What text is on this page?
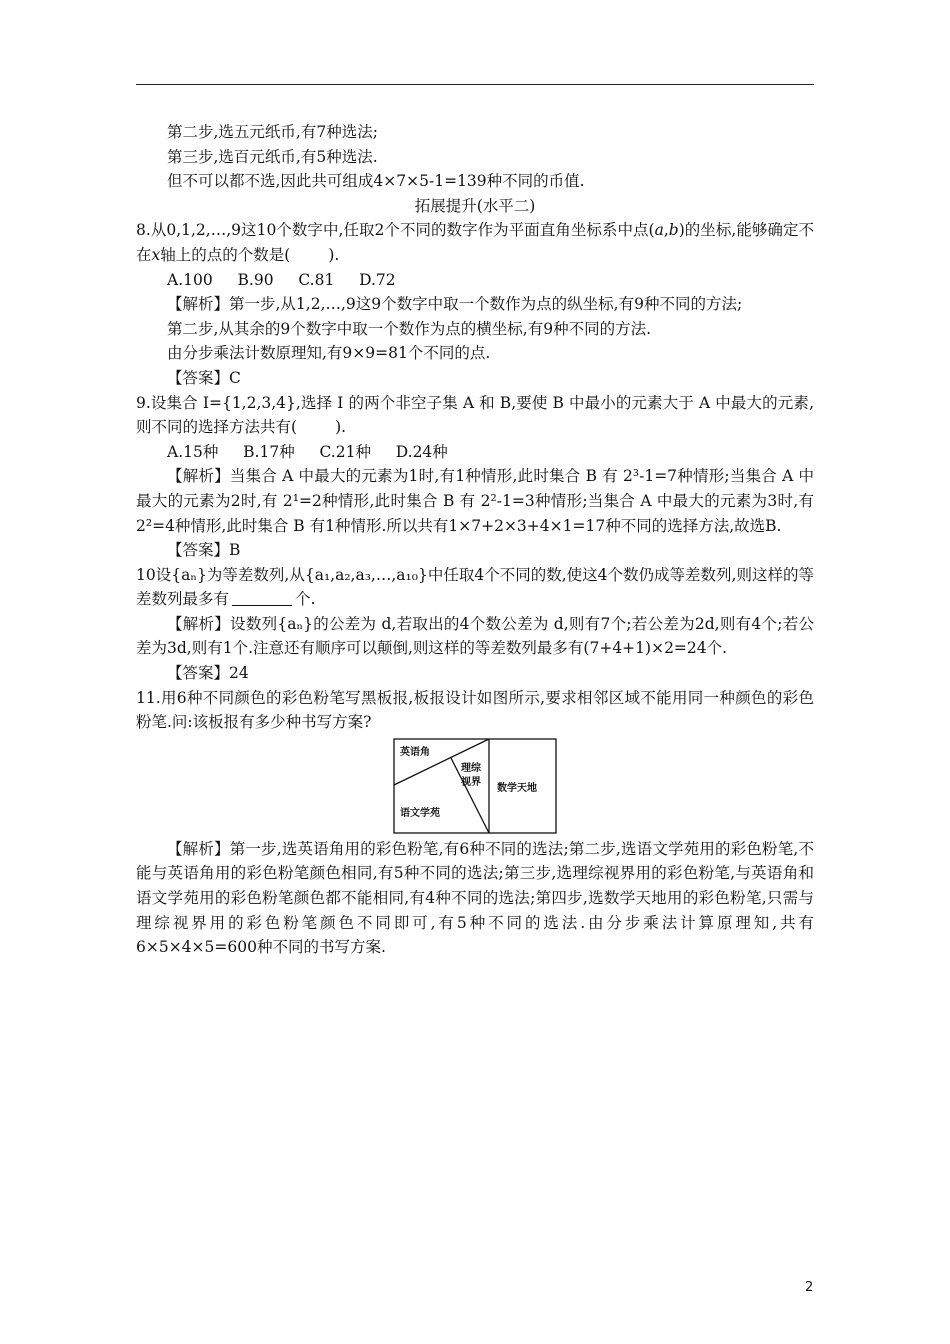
第二步,选五元纸币,有7种选法;

第三步,选百元纸币,有5种选法.

但不可以都不选,因此共可组成4×7×5-1=139种不同的币值.

拓展提升(水平二)

8.从0,1,2,…,9这10个数字中,任取2个不同的数字作为平面直角坐标系中点(a,b)的坐标,能够确定不在x轴上的点的个数是( ).

A.100 B.90 C.81 D.72

【解析】第一步,从1,2,…,9这9个数字中取一个数作为点的纵坐标,有9种不同的方法;

第二步,从其余的9个数字中取一个数作为点的横坐标,有9种不同的方法.

由分步乘法计数原理知,有9×9=81个不同的点.

【答案】C

9.设集合 I={1,2,3,4},选择 I 的两个非空子集 A 和 B,要使 B 中最小的元素大于 A 中最大的元素,则不同的选择方法共有( ).

A.15种 B.17种 C.21种 D.24种

【解析】当集合 A 中最大的元素为1时,有1种情形,此时集合 B 有 2³-1=7种情形;当集合 A 中最大的元素为2时,有 2¹=2种情形,此时集合 B 有 2²-1=3种情形;当集合 A 中最大的元素为3时,有 2²=4种情形,此时集合 B 有1种情形.所以共有1×7+2×3+4×1=17种不同的选择方法,故选B.

【答案】B

10设{aₙ}为等差数列,从{a₁,a₂,a₃,…,a₁₀}中任取4个不同的数,使这4个数仍成等差数列,则这样的等差数列最多有	个.

【解析】设数列{aₙ}的公差为 d,若取出的4个数公差为 d,则有7个;若公差为2d,则有4个;若公差为3d,则有1个.注意还有顺序可以颠倒,则这样的等差数列最多有(7+4+1)×2=24个.

【答案】24

11.用6种不同颜色的彩色粉笔写黑板报,板报设计如图所示,要求相邻区域不能用同一种颜色的彩色粉笔.问:该板报有多少种书写方案?

英语角
理综
视界
语文学苑
数学天地

【解析】第一步,选英语角用的彩色粉笔,有6种不同的选法;第二步,选语文学苑用的彩色粉笔,不能与英语角用的彩色粉笔颜色相同,有5种不同的选法;第三步,选理综视界用的彩色粉笔,与英语角和语文学苑用的彩色粉笔颜色都不能相同,有4种不同的选法;第四步,选数学天地用的彩色粉笔,只需与理综视界用的彩色粉笔颜色不同即可,有5种不同的选法.由分步乘法计算原理知,共有6×5×4×5=600种不同的书写方案.

2
